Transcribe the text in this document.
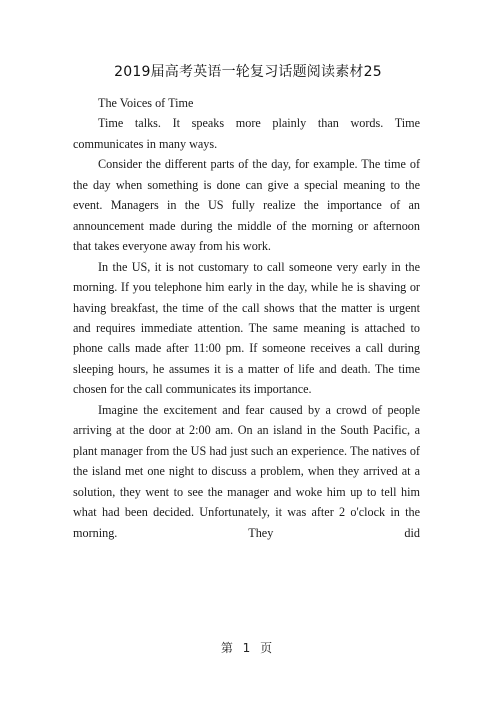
2019届高考英语一轮复习话题阅读素材25

The Voices of Time

Time talks. It speaks more plainly than words. Time communicates in many ways.

Consider the different parts of the day, for example. The time of the day when something is done can give a special meaning to the event. Managers in the US fully realize the importance of an announcement made during the middle of the morning or afternoon that takes everyone away from his work.

In the US, it is not customary to call someone very early in the morning. If you telephone him early in the day, while he is shaving or having breakfast, the time of the call shows that the matter is urgent and requires immediate attention. The same meaning is attached to phone calls made after 11:00 pm. If someone receives a call during sleeping hours, he assumes it is a matter of life and death. The time chosen for the call communicates its importance.

Imagine the excitement and fear caused by a crowd of people arriving at the door at 2:00 am. On an island in the South Pacific, a plant manager from the US had just such an experience. The natives of the island met one night to discuss a problem, when they arrived at a solution, they went to see the manager and woke him up to tell him what had been decided. Unfortunately, it was after 2 o'clock in the morning. They did

第 1 页
